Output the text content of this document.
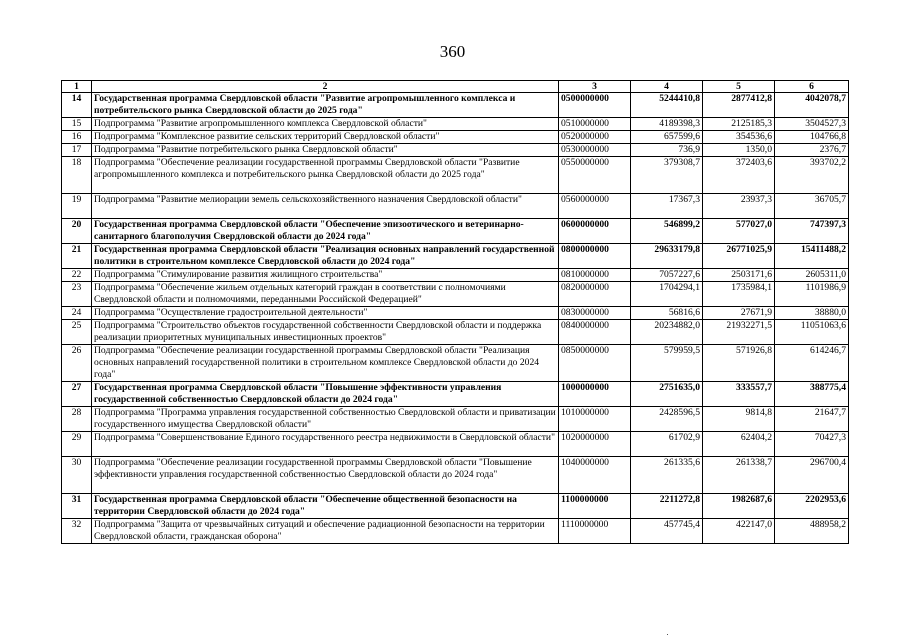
360
1	2	3	4	5	6
14	Государственная программа Свердловской области "Развитие агропромышленного комплекса и потребительского рынка Свердловской области до 2025 года"	0500000000	5244410,8	2877412,8	4042078,7
15	Подпрограмма "Развитие агропромышленного комплекса Свердловской области"	0510000000	4189398,3	2125185,3	3504527,3
16	Подпрограмма "Комплексное развитие сельских территорий Свердловской области"	0520000000	657599,6	354536,6	104766,8
17	Подпрограмма "Развитие потребительского рынка Свердловской области"	0530000000	736,9	1350,0	2376,7
18	Подпрограмма "Обеспечение реализации государственной программы Свердловской области "Развитие агропромышленного комплекса и потребительского рынка Свердловской области до 2025 года"	0550000000	379308,7	372403,6	393702,2
19	Подпрограмма "Развитие мелиорации земель сельскохозяйственного назначения Свердловской области"	0560000000	17367,3	23937,3	36705,7
20	Государственная программа Свердловской области "Обеспечение эпизоотического и ветеринарно-санитарного благополучия Свердловской области до 2024 года"	0600000000	546899,2	577027,0	747397,3
21	Государственная программа Свердловской области "Реализация основных направлений государственной политики в строительном комплексе Свердловской области до 2024 года"	0800000000	29633179,8	26771025,9	15411488,2
22	Подпрограмма "Стимулирование развития жилищного строительства"	0810000000	7057227,6	2503171,6	2605311,0
23	Подпрограмма "Обеспечение жильем отдельных категорий граждан в соответствии с полномочиями Свердловской области и полномочиями, переданными Российской Федерацией"	0820000000	1704294,1	1735984,1	1101986,9
24	Подпрограмма "Осуществление градостроительной деятельности"	0830000000	56816,6	27671,9	38880,0
25	Подпрограмма "Строительство объектов государственной собственности Свердловской области и поддержка реализации приоритетных муниципальных инвестиционных проектов"	0840000000	20234882,0	21932271,5	11051063,6
26	Подпрограмма "Обеспечение реализации государственной программы Свердловской области "Реализация основных направлений государственной политики в строительном комплексе Свердловской области до 2024 года"	0850000000	579959,5	571926,8	614246,7
27	Государственная программа Свердловской области "Повышение эффективности управления государственной собственностью Свердловской области до 2024 года"	1000000000	2751635,0	333557,7	388775,4
28	Подпрограмма "Программа управления государственной собственностью Свердловской области и приватизации государственного имущества Свердловской области"	1010000000	2428596,5	9814,8	21647,7
29	Подпрограмма "Совершенствование Единого государственного реестра недвижимости в Свердловской области"	1020000000	61702,9	62404,2	70427,3
30	Подпрограмма "Обеспечение реализации государственной программы Свердловской области "Повышение эффективности управления государственной собственностью Свердловской области до 2024 года"	1040000000	261335,6	261338,7	296700,4
31	Государственная программа Свердловской области "Обеспечение общественной безопасности на территории Свердловской области до 2024 года"	1100000000	2211272,8	1982687,6	2202953,6
32	Подпрограмма "Защита от чрезвычайных ситуаций и обеспечение радиационной безопасности на территории Свердловской области, гражданская оборона"	1110000000	457745,4	422147,0	488958,2
